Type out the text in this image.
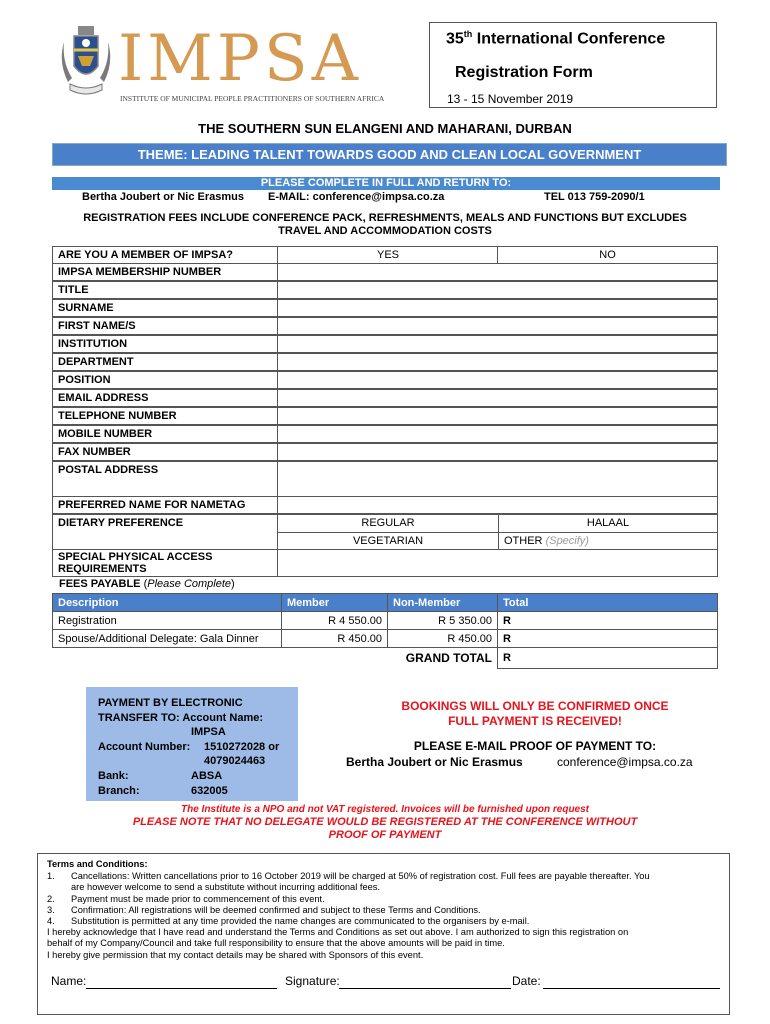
IMPSA
INSTITUTE OF MUNICIPAL PEOPLE PRACTITIONERS OF SOUTHERN AFRICA
35th International Conference
Registration Form
13 - 15 November 2019
THE SOUTHERN SUN ELANGENI AND MAHARANI, DURBAN
THEME: LEADING TALENT TOWARDS GOOD AND CLEAN LOCAL GOVERNMENT
PLEASE COMPLETE IN FULL AND RETURN TO:
Bertha Joubert or Nic Erasmus E-MAIL: conference@impsa.co.za	TEL 013 759-2090/1
REGISTRATION FEES INCLUDE CONFERENCE PACK, REFRESHMENTS, MEALS AND FUNCTIONS BUT EXCLUDES
TRAVEL AND ACCOMMODATION COSTS
ARE YOU A MEMBER OF IMPSA?	YES	NO
IMPSA MEMBERSHIP NUMBER
TITLE
SURNAME
FIRST NAME/S
INSTITUTION
DEPARTMENT
POSITION
EMAIL ADDRESS
TELEPHONE NUMBER
MOBILE NUMBER
FAX NUMBER
POSTAL ADDRESS
PREFERRED NAME FOR NAMETAG
DIETARY PREFERENCE	REGULAR	HALAAL
VEGETARIAN	OTHER (Specify)
SPECIAL PHYSICAL ACCESS
REQUIREMENTS
FEES PAYABLE (Please Complete)
Description	Member	Non-Member	Total
Registration	R 4 550.00	R 5 350.00	R
Spouse/Additional Delegate: Gala Dinner	R 450.00	R 450.00	R
GRAND TOTAL			R
PAYMENT BY ELECTRONIC
TRANSFER TO: Account Name:
IMPSA
Account Number: 1510272028 or
4079024463
Bank:	ABSA
Branch:	632005
BOOKINGS WILL ONLY BE CONFIRMED ONCE
FULL PAYMENT IS RECEIVED!
PLEASE E-MAIL PROOF OF PAYMENT TO:
Bertha Joubert or Nic Erasmus	conference@impsa.co.za
The Institute is a NPO and not VAT registered. Invoices will be furnished upon request
PLEASE NOTE THAT NO DELEGATE WOULD BE REGISTERED AT THE CONFERENCE WITHOUT
PROOF OF PAYMENT
Terms and Conditions:
1. Cancellations: Written cancellations prior to 16 October 2019 will be charged at 50% of registration cost. Full fees are payable thereafter. You
are however welcome to send a substitute without incurring additional fees.
2. Payment must be made prior to commencement of this event.
3. Confirmation: All registrations will be deemed confirmed and subject to these Terms and Conditions.
4. Substitution is permitted at any time provided the name changes are communicated to the organisers by e-mail.
I hereby acknowledge that I have read and understand the Terms and Conditions as set out above. I am authorized to sign this registration on
behalf of my Company/Council and take full responsibility to ensure that the above amounts will be paid in time.
I hereby give permission that my contact details may be shared with Sponsors of this event.
Name:	Signature:	Date:
